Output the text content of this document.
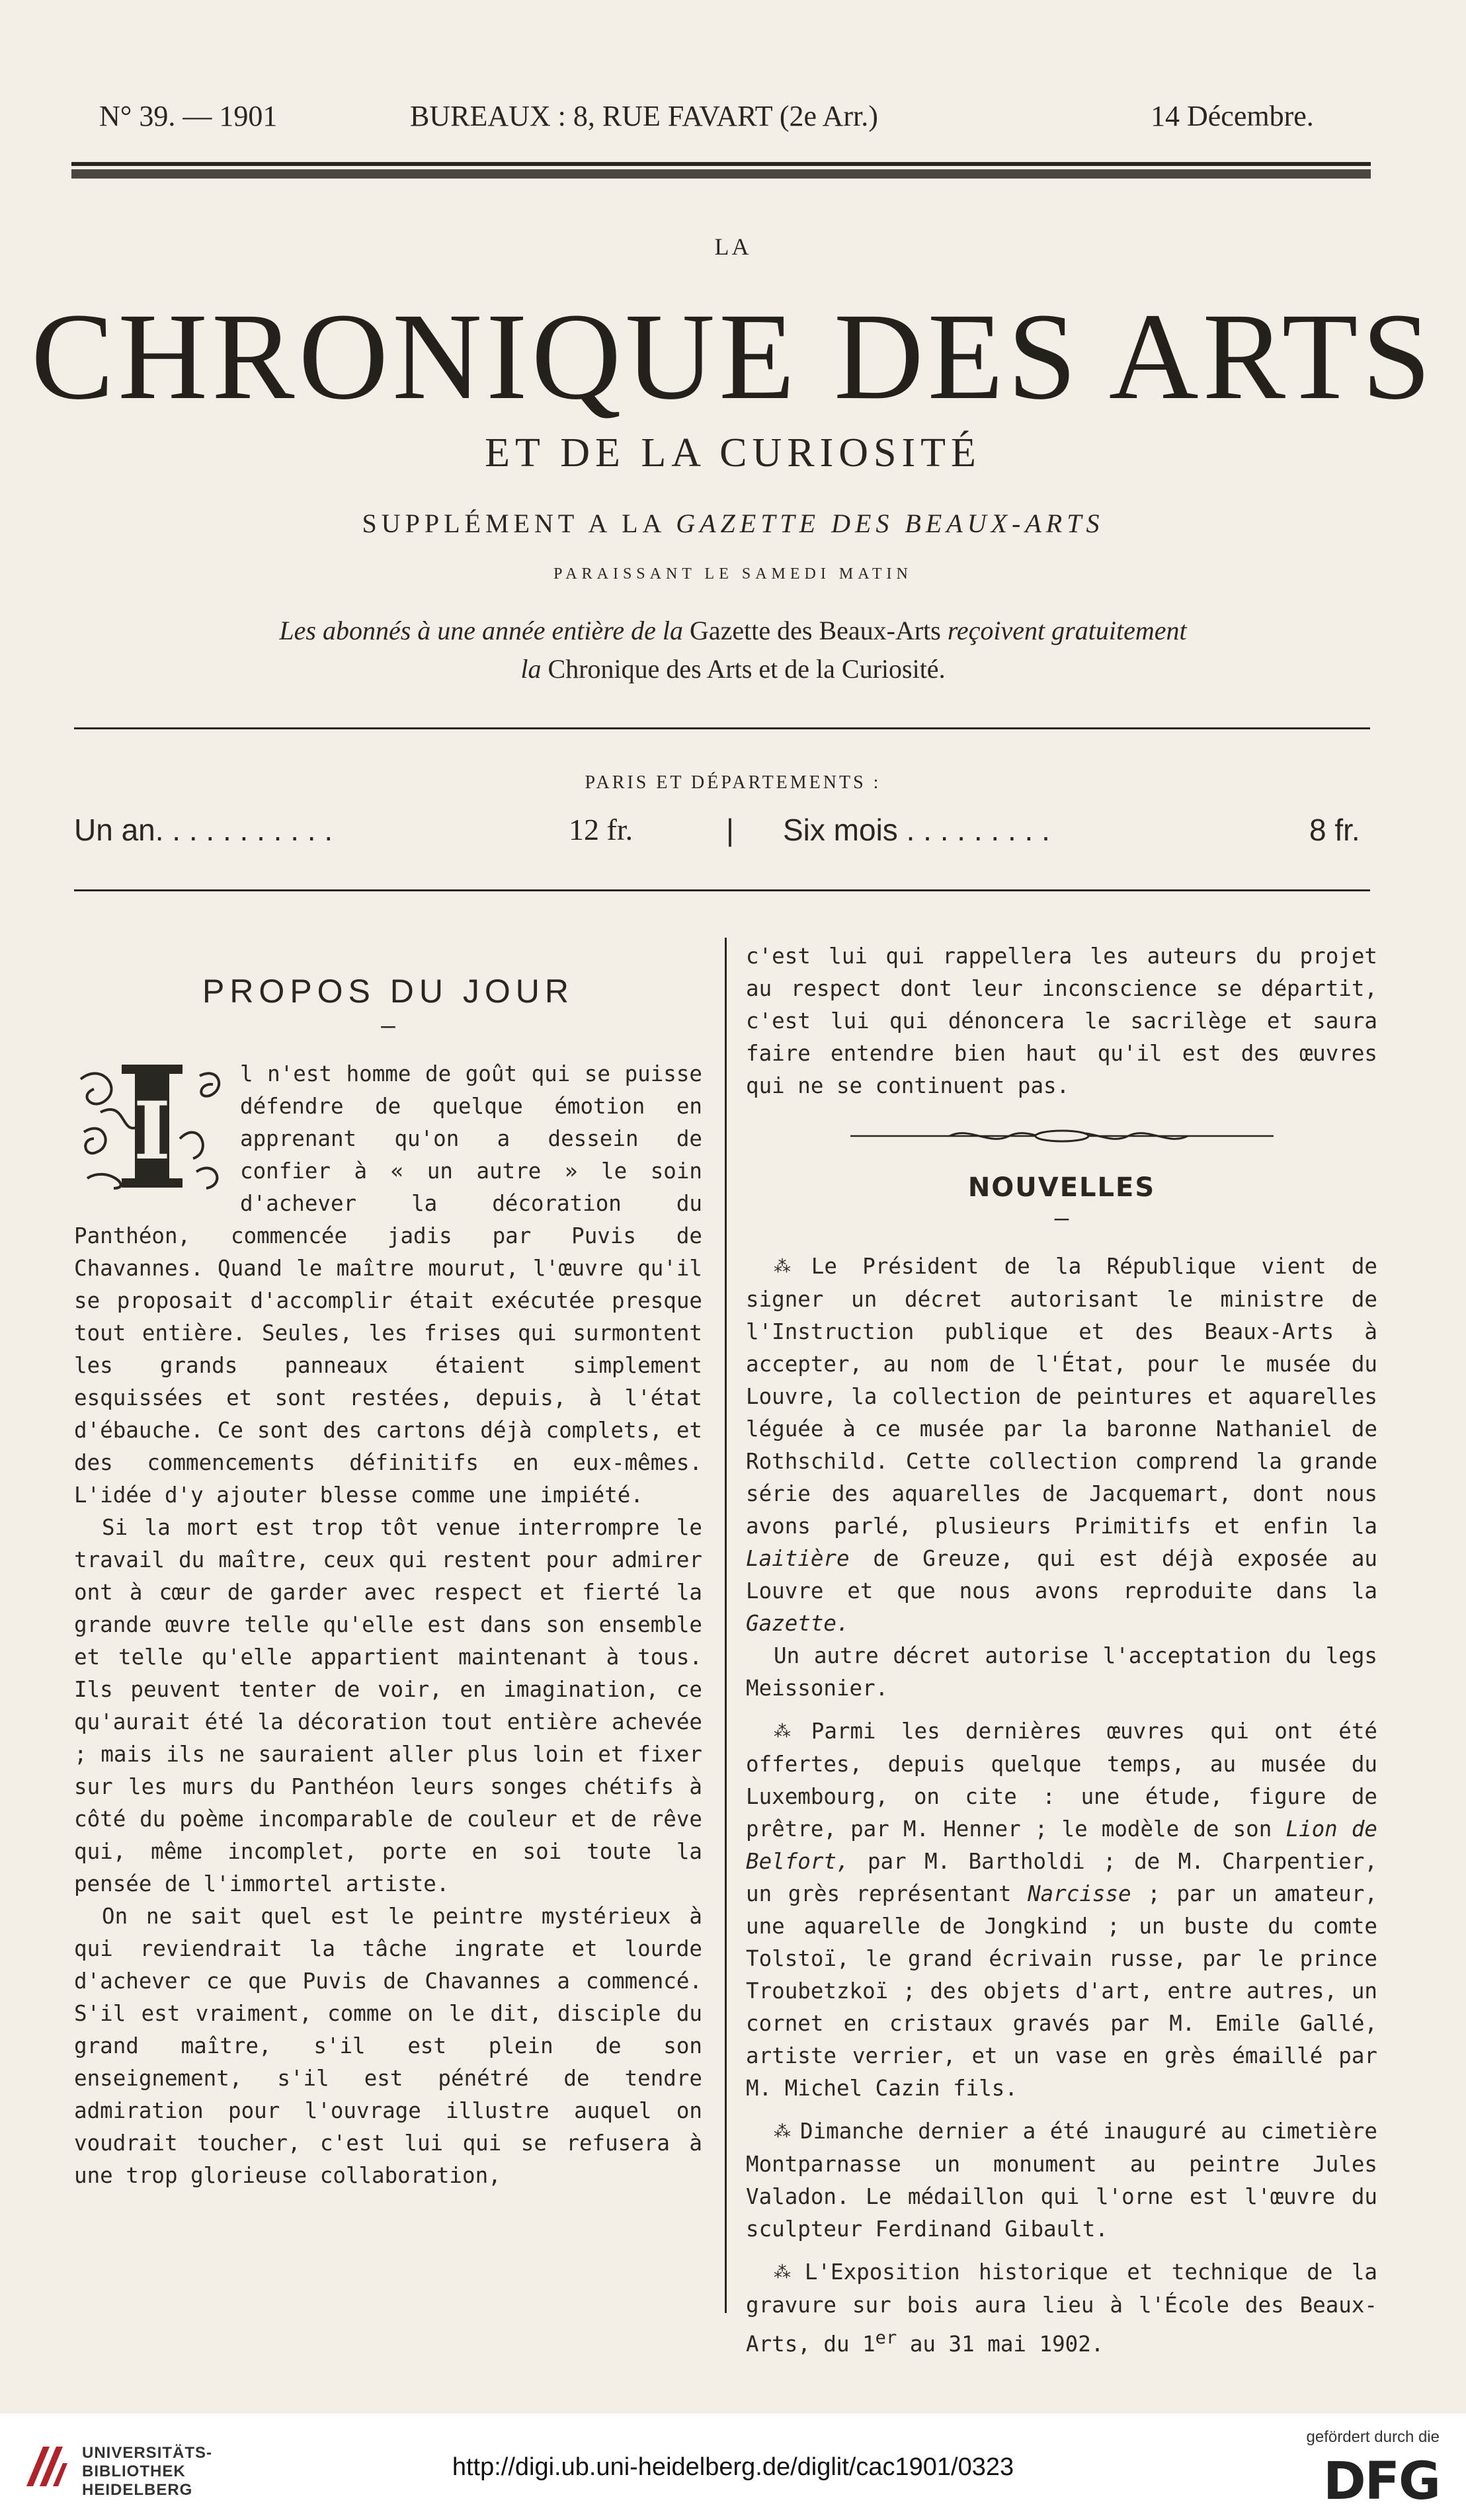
N° 39. — 1901	BUREAUX : 8, RUE FAVART (2e Arr.)	14 Décembre.
LA
CHRONIQUE DES ARTS
ET DE LA CURIOSITÉ
SUPPLÉMENT A LA GAZETTE DES BEAUX-ARTS
PARAISSANT LE SAMEDI MATIN
Les abonnés à une année entière de la Gazette des Beaux-Arts reçoivent gratuitement
la Chronique des Arts et de la Curiosité.
PARIS ET DÉPARTEMENTS :
Un an. . . . . . . . . . .	12 fr.	| Six mois . . . . . . . . .	8 fr.
PROPOS DU JOUR
—
I

l n'est homme de goût qui se puisse défendre de quelque émotion en apprenant qu'on a dessein de confier à « un autre » le soin d'achever la décoration du Panthéon, commencée jadis par Puvis de Chavannes. Quand le maître mourut, l'œuvre qu'il se proposait d'accomplir était exécutée presque tout entière. Seules, les frises qui surmontent les grands panneaux étaient simplement esquissées et sont restées, depuis, à l'état d'ébauche. Ce sont des cartons déjà complets, et des commencements définitifs en eux-mêmes. L'idée d'y ajouter blesse comme une impiété.

Si la mort est trop tôt venue interrompre le travail du maître, ceux qui restent pour admirer ont à cœur de garder avec respect et fierté la grande œuvre telle qu'elle est dans son ensemble et telle qu'elle appartient maintenant à tous. Ils peuvent tenter de voir, en imagination, ce qu'aurait été la décoration tout entière achevée ; mais ils ne sauraient aller plus loin et fixer sur les murs du Panthéon leurs songes chétifs à côté du poème incomparable de couleur et de rêve qui, même incomplet, porte en soi toute la pensée de l'immortel artiste.

On ne sait quel est le peintre mystérieux à qui reviendrait la tâche ingrate et lourde d'achever ce que Puvis de Chavannes a commencé. S'il est vraiment, comme on le dit, disciple du grand maître, s'il est plein de son enseignement, s'il est pénétré de tendre admiration pour l'ouvrage illustre auquel on voudrait toucher, c'est lui qui se refusera à une trop glorieuse collaboration,

c'est lui qui rappellera les auteurs du projet au respect dont leur inconscience se départit, c'est lui qui dénoncera le sacrilège et saura faire entendre bien haut qu'il est des œuvres qui ne se continuent pas.

NOUVELLES
—

⁂ Le Président de la République vient de signer un décret autorisant le ministre de l'Instruction publique et des Beaux-Arts à accepter, au nom de l'État, pour le musée du Louvre, la collection de peintures et aquarelles léguée à ce musée par la baronne Nathaniel de Rothschild. Cette collection comprend la grande série des aquarelles de Jacquemart, dont nous avons parlé, plusieurs Primitifs et enfin la Laitière de Greuze, qui est déjà exposée au Louvre et que nous avons reproduite dans la Gazette.

Un autre décret autorise l'acceptation du legs Meissonier.

⁂ Parmi les dernières œuvres qui ont été offertes, depuis quelque temps, au musée du Luxembourg, on cite : une étude, figure de prêtre, par M. Henner ; le modèle de son Lion de Belfort, par M. Bartholdi ; de M. Charpentier, un grès représentant Narcisse ; par un amateur, une aquarelle de Jongkind ; un buste du comte Tolstoï, le grand écrivain russe, par le prince Troubetzkoï ; des objets d'art, entre autres, un cornet en cristaux gravés par M. Emile Gallé, artiste verrier, et un vase en grès émaillé par M. Michel Cazin fils.

⁂ Dimanche dernier a été inauguré au cimetière Montparnasse un monument au peintre Jules Valadon. Le médaillon qui l'orne est l'œuvre du sculpteur Ferdinand Gibault.

⁂ L'Exposition historique et technique de la gravure sur bois aura lieu à l'École des Beaux-Arts, du 1er au 31 mai 1902.

UNIVERSITÄTS-
BIBLIOTHEK
HEIDELBERG
http://digi.ub.uni-heidelberg.de/diglit/cac1901/0323
gefördert durch die
DFG
